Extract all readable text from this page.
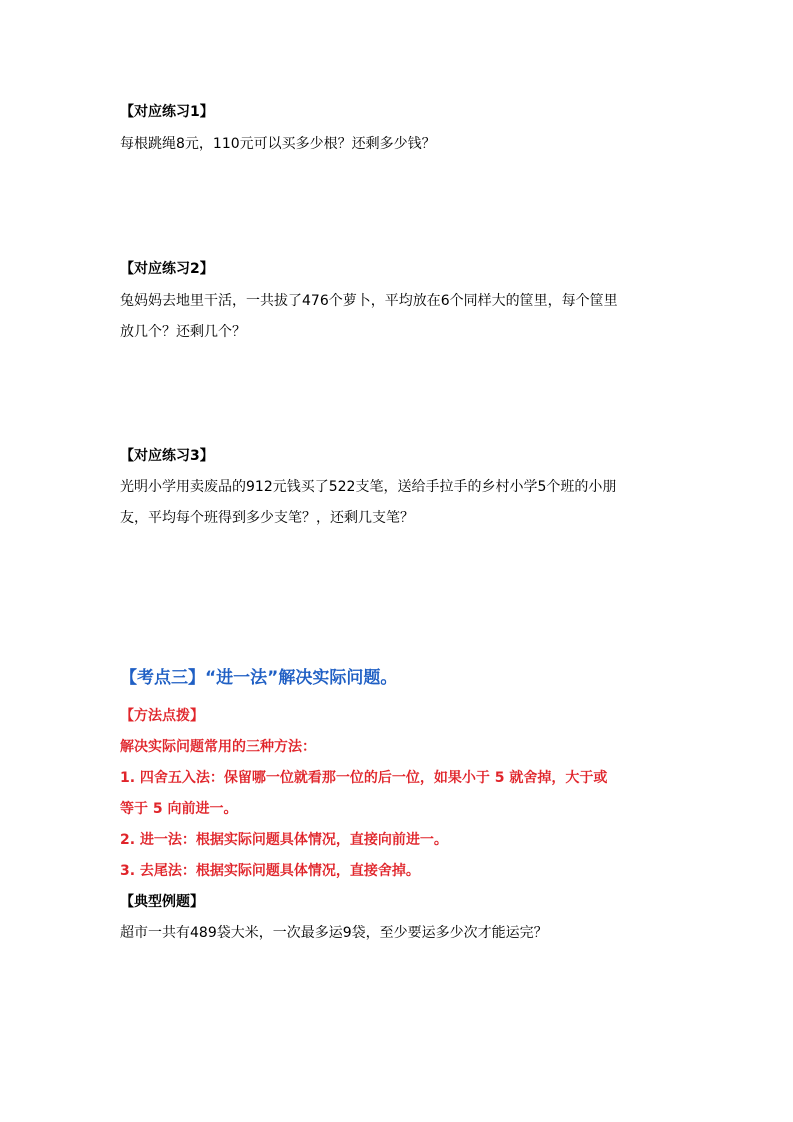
【对应练习1】
每根跳绳8元，110元可以买多少根？还剩多少钱？
【对应练习2】
兔妈妈去地里干活，一共拔了476个萝卜，平均放在6个同样大的筐里，每个筐里
放几个？还剩几个？
【对应练习3】
光明小学用卖废品的912元钱买了522支笔，送给手拉手的乡村小学5个班的小朋
友，平均每个班得到多少支笔？，还剩几支笔？
【考点三】“进一法”解决实际问题。
【方法点拨】
解决实际问题常用的三种方法：
1. 四舍五入法：保留哪一位就看那一位的后一位，如果小于 5 就舍掉，大于或
等于 5 向前进一。
2. 进一法：根据实际问题具体情况，直接向前进一。
3. 去尾法：根据实际问题具体情况，直接舍掉。
【典型例题】
超市一共有489袋大米，一次最多运9袋，至少要运多少次才能运完？
